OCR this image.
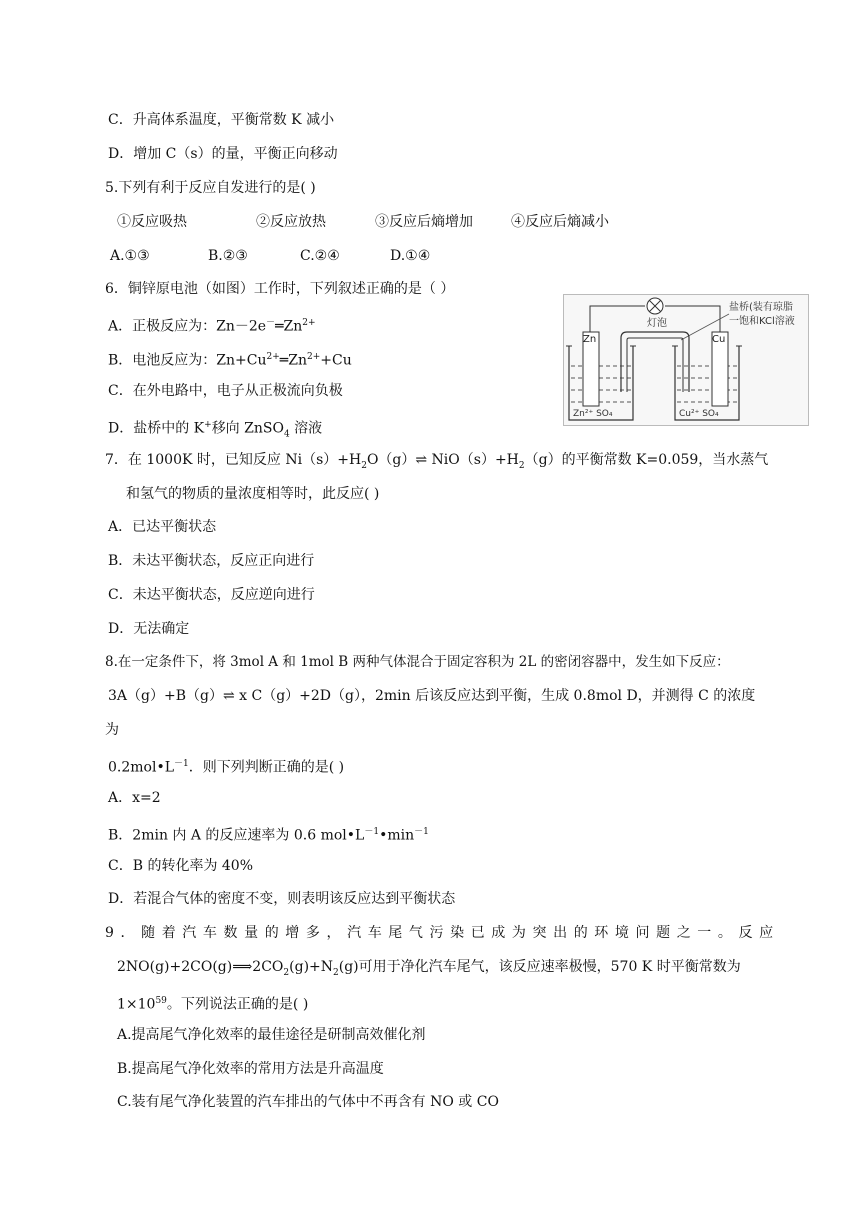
C．升高体系温度，平衡常数 K 减小
D．增加 C（s）的量，平衡正向移动
5.下列有利于反应自发进行的是( )
①反应吸热	②反应放热	③反应后熵增加	④反应后熵减小
A.①③	B.②③	C.②④	D.①④
6．铜锌原电池（如图）工作时，下列叙述正确的是（ ）
A．正极反应为：$Zn-2e^-═Zn^{2+}$
B．电池反应为：$Zn+Cu^{2+}═Zn^{2+}+Cu$
C．在外电路中，电子从正极流向负极
D．盐桥中的 K+移向 ZnSO$_4$ 溶液
灯泡
盐桥(装有琼脂
一饱和KCl溶液
Zn	Cu
Zn²⁺ SO₄	Cu²⁺ SO₄
7．在 1000K 时，已知反应 $Ni(s)+H_2O(g)\rightleftharpoons$ $NiO(s)+H_2(g)$的平衡常数 K=0.059，当水蒸气
和氢气的物质的量浓度相等时，此反应( )
A．已达平衡状态
B．未达平衡状态，反应正向进行
C．未达平衡状态，反应逆向进行
D．无法确定
8.在一定条件下，将 3mol A 和 1mol B 两种气体混合于固定容积为 2L 的密闭容器中，发生如下反应：
3A（g）+B（g）⇌ x C（g）+2D（g），2min 后该反应达到平衡，生成 0.8mol D，并测得 C 的浓度
为
$0.2mol•L^{-1}$．则下列判断正确的是( )
A．x=2
B．2min 内 A 的反应速率为 0.6 $mol•L^{-1}•\min^{-1}$
C．B 的转化率为 40%
D．若混合气体的密度不变，则表明该反应达到平衡状态
9．随着汽车数量的增多，汽车尾气污染已成为突出的环境问题之一。反应
$2NO(g)+2CO(g)⟹2CO_2(g)+N_2(g)$可用于净化汽车尾气，该反应速率极慢，570 K 时平衡常数为
$1\times 10^{59}$。下列说法正确的是( )
A.提高尾气净化效率的最佳途径是研制高效催化剂
B.提高尾气净化效率的常用方法是升高温度
C.装有尾气净化装置的汽车排出的气体中不再含有 NO 或 CO
